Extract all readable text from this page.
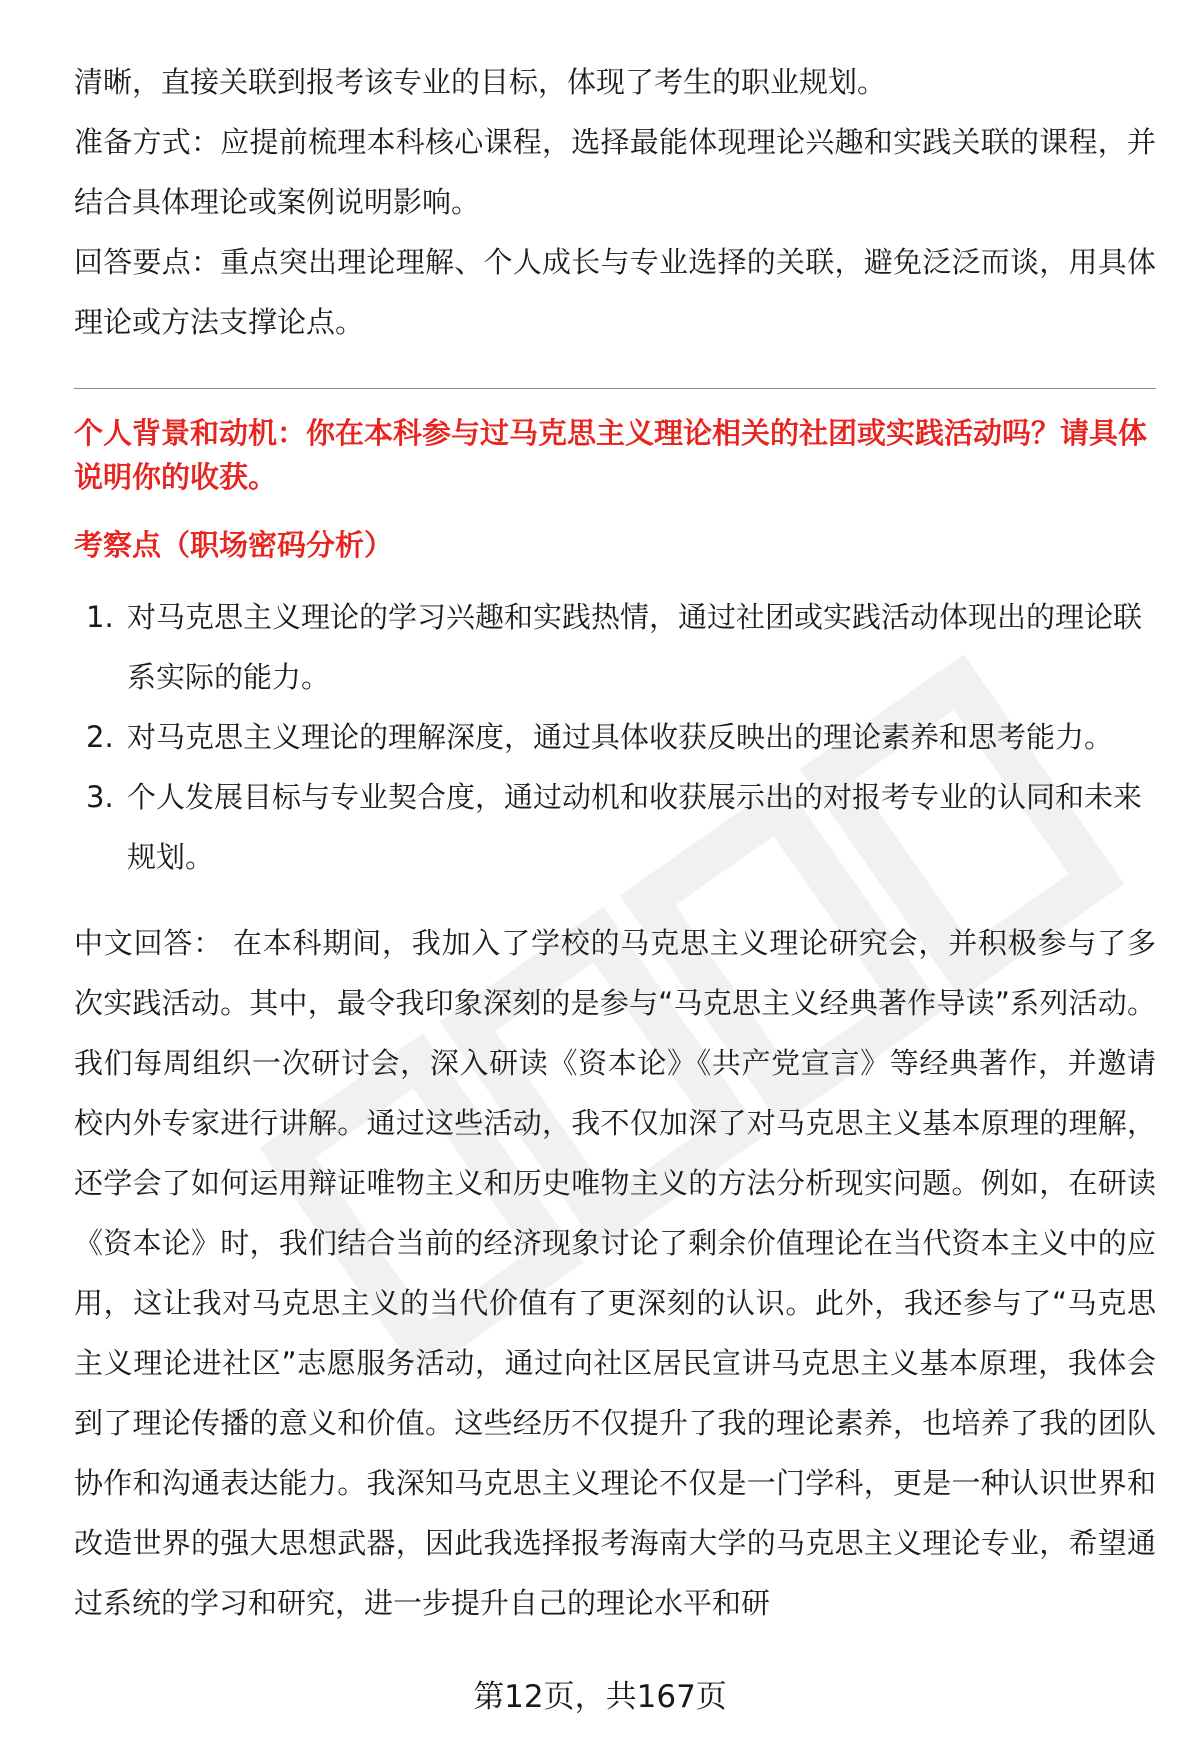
清晰，直接关联到报考该专业的目标，体现了考生的职业规划。

准备方式：应提前梳理本科核心课程，选择最能体现理论兴趣和实践关联的课程，并结合具体理论或案例说明影响。

回答要点：重点突出理论理解、个人成长与专业选择的关联，避免泛泛而谈，用具体理论或方法支撑论点。

个人背景和动机：你在本科参与过马克思主义理论相关的社团或实践活动吗？请具体说明你的收获。

考察点（职场密码分析）

1. 对马克思主义理论的学习兴趣和实践热情，通过社团或实践活动体现出的理论联系实际的能力。
2. 对马克思主义理论的理解深度，通过具体收获反映出的理论素养和思考能力。
3. 个人发展目标与专业契合度，通过动机和收获展示出的对报考专业的认同和未来规划。

中文回答： 在本科期间，我加入了学校的马克思主义理论研究会，并积极参与了多次实践活动。其中，最令我印象深刻的是参与“马克思主义经典著作导读”系列活动。我们每周组织一次研讨会，深入研读《资本论》《共产党宣言》等经典著作，并邀请校内外专家进行讲解。通过这些活动，我不仅加深了对马克思主义基本原理的理解，还学会了如何运用辩证唯物主义和历史唯物主义的方法分析现实问题。例如，在研读《资本论》时，我们结合当前的经济现象讨论了剩余价值理论在当代资本主义中的应用，这让我对马克思主义的当代价值有了更深刻的认识。此外，我还参与了“马克思主义理论进社区”志愿服务活动，通过向社区居民宣讲马克思主义基本原理，我体会到了理论传播的意义和价值。这些经历不仅提升了我的理论素养，也培养了我的团队协作和沟通表达能力。我深知马克思主义理论不仅是一门学科，更是一种认识世界和改造世界的强大思想武器，因此我选择报考海南大学的马克思主义理论专业，希望通过系统的学习和研究，进一步提升自己的理论水平和研

第12页，共167页
